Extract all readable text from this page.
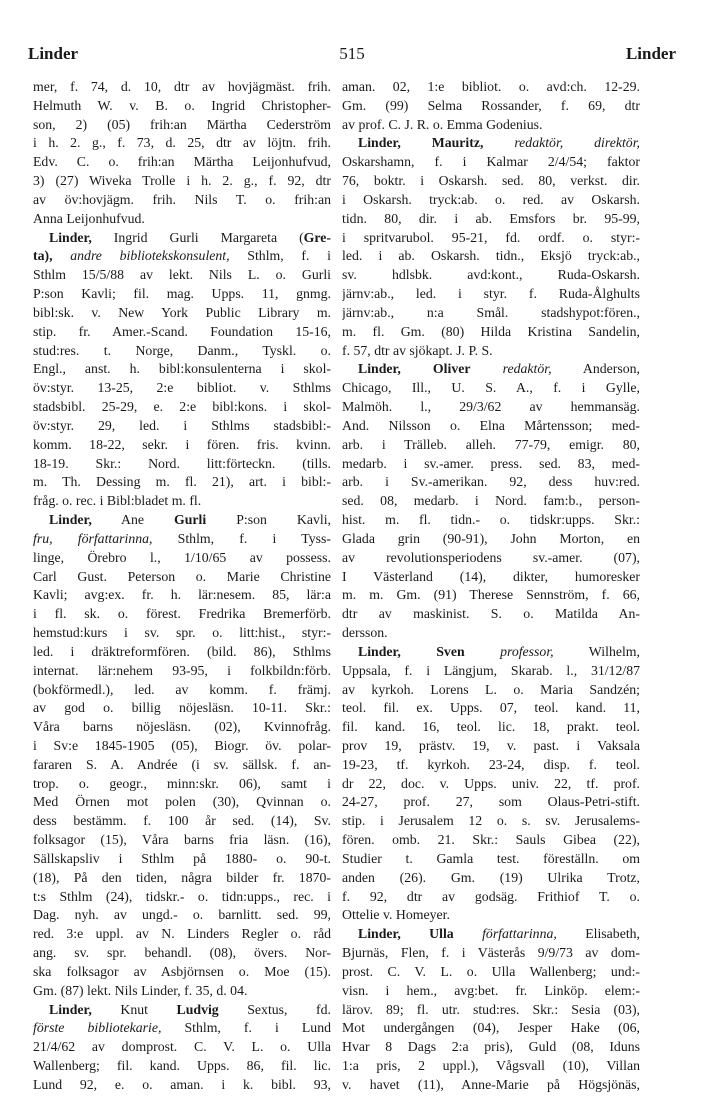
Linder	515	Linder
mer, f. 74, d. 10, dtr av hovjägmäst. frih.
Helmuth W. v. B. o. Ingrid Christopher-
son, 2) (05) frih:an Märtha Cederström
i h. 2. g., f. 73, d. 25, dtr av löjtn. frih.
Edv. C. o. frih:an Märtha Leijonhufvud,
3) (27) Wiveka Trolle i h. 2. g., f. 92, dtr
av öv:hovjägm. frih. Nils T. o. frih:an
Anna Leijonhufvud.
Linder, Ingrid Gurli Margareta (Gre-
ta), andre bibliotekskonsulent, Sthlm, f. i
Sthlm 15/5/88 av lekt. Nils L. o. Gurli
P:son Kavli; fil. mag. Upps. 11, gnmg.
bibl:sk. v. New York Public Library m.
stip. fr. Amer.-Scand. Foundation 15-16,
stud:res. t. Norge, Danm., Tyskl. o.
Engl., anst. h. bibl:konsulenterna i skol-
öv:styr. 13-25, 2:e bibliot. v. Sthlms
stadsbibl. 25-29, e. 2:e bibl:kons. i skol-
öv:styr. 29, led. i Sthlms stadsbibl:-
komm. 18-22, sekr. i fören. fris. kvinn.
18-19. Skr.: Nord. litt:förteckn. (tills.
m. Th. Dessing m. fl. 21), art. i bibl:-
fråg. o. rec. i Bibl:bladet m. fl.
Linder, Ane Gurli P:son Kavli,
fru, författarinna, Sthlm, f. i Tyss-
linge, Örebro l., 1/10/65 av possess.
Carl Gust. Peterson o. Marie Christine
Kavli; avg:ex. fr. h. lär:nesem. 85, lär:a
i fl. sk. o. förest. Fredrika Bremerförb.
hemstud:kurs i sv. spr. o. litt:hist., styr:-
led. i dräktreformfören. (bild. 86), Sthlms
internat. lär:nehem 93-95, i folkbildn:förb.
(bokförmedl.), led. av komm. f. främj.
av god o. billig nöjesläsn. 10-11. Skr.:
Våra barns nöjesläsn. (02), Kvinnofråg.
i Sv:e 1845-1905 (05), Biogr. öv. polar-
fararen S. A. Andrée (i sv. sällsk. f. an-
trop. o. geogr., minn:skr. 06), samt i
Med Örnen mot polen (30), Qvinnan o.
dess bestämm. f. 100 år sed. (14), Sv.
folksagor (15), Våra barns fria läsn. (16),
Sällskapsliv i Sthlm på 1880- o. 90-t.
(18), På den tiden, några bilder fr. 1870-
t:s Sthlm (24), tidskr.- o. tidn:upps., rec. i
Dag. nyh. av ungd.- o. barnlitt. sed. 99,
red. 3:e uppl. av N. Linders Regler o. råd
ang. sv. spr. behandl. (08), övers. Nor-
ska folksagor av Asbjörnsen o. Moe (15).
Gm. (87) lekt. Nils Linder, f. 35, d. 04.
Linder, Knut Ludvig Sextus, fd.
förste bibliotekarie, Sthlm, f. i Lund
21/4/62 av domprost. C. V. L. o. Ulla
Wallenberg; fil. kand. Upps. 86, fil. lic.
Lund 92, e. o. aman. i k. bibl. 93,
aman. 02, 1:e bibliot. o. avd:ch. 12-29.
Gm. (99) Selma Rossander, f. 69, dtr
av prof. C. J. R. o. Emma Godenius.
Linder, Mauritz, redaktör, direktör,
Oskarshamn, f. i Kalmar 2/4/54; faktor
76, boktr. i Oskarsh. sed. 80, verkst. dir.
i Oskarsh. tryck:ab. o. red. av Oskarsh.
tidn. 80, dir. i ab. Emsfors br. 95-99,
i spritvarubol. 95-21, fd. ordf. o. styr:-
led. i ab. Oskarsh. tidn., Eksjö tryck:ab.,
sv. hdlsbk. avd:kont., Ruda-Oskarsh.
järnv:ab., led. i styr. f. Ruda-Ålghults
järnv:ab., n:a Smål. stadshypot:fören.,
m. fl. Gm. (80) Hilda Kristina Sandelin,
f. 57, dtr av sjökapt. J. P. S.
Linder, Oliver redaktör, Anderson,
Chicago, Ill., U. S. A., f. i Gylle,
Malmöh. l., 29/3/62 av hemmansäg.
And. Nilsson o. Elna Mårtensson; med-
arb. i Trälleb. alleh. 77-79, emigr. 80,
medarb. i sv.-amer. press. sed. 83, med-
arb. i Sv.-amerikan. 92, dess huv:red.
sed. 08, medarb. i Nord. fam:b., person-
hist. m. fl. tidn.- o. tidskr:upps. Skr.:
Glada grin (90-91), John Morton, en
av revolutionsperiodens sv.-amer. (07),
I Västerland (14), dikter, humoresker
m. m. Gm. (91) Therese Sennström, f. 66,
dtr av maskinist. S. o. Matilda An-
dersson.
Linder, Sven professor, Wilhelm,
Uppsala, f. i Längjum, Skarab. l., 31/12/87
av kyrkoh. Lorens L. o. Maria Sandzén;
teol. fil. ex. Upps. 07, teol. kand. 11,
fil. kand. 16, teol. lic. 18, prakt. teol.
prov 19, prästv. 19, v. past. i Vaksala
19-23, tf. kyrkoh. 23-24, disp. f. teol.
dr 22, doc. v. Upps. univ. 22, tf. prof.
24-27, prof. 27, som Olaus-Petri-stift.
stip. i Jerusalem 12 o. s. sv. Jerusalems-
fören. omb. 21. Skr.: Sauls Gibea (22),
Studier t. Gamla test. föreställn. om
anden (26). Gm. (19) Ulrika Trotz,
f. 92, dtr av godsäg. Frithiof T. o.
Ottelie v. Homeyer.
Linder, Ulla författarinna, Elisabeth,
Bjurnäs, Flen, f. i Västerås 9/9/73 av dom-
prost. C. V. L. o. Ulla Wallenberg; und:-
visn. i hem., avg:bet. fr. Linköp. elem:-
lärov. 89; fl. utr. stud:res. Skr.: Sesia (03),
Mot undergången (04), Jesper Hake (06,
Hvar 8 Dags 2:a pris), Guld (08, Iduns
1:a pris, 2 uppl.), Vågsvall (10), Villan
v. havet (11), Anne-Marie på Högsjönäs,
